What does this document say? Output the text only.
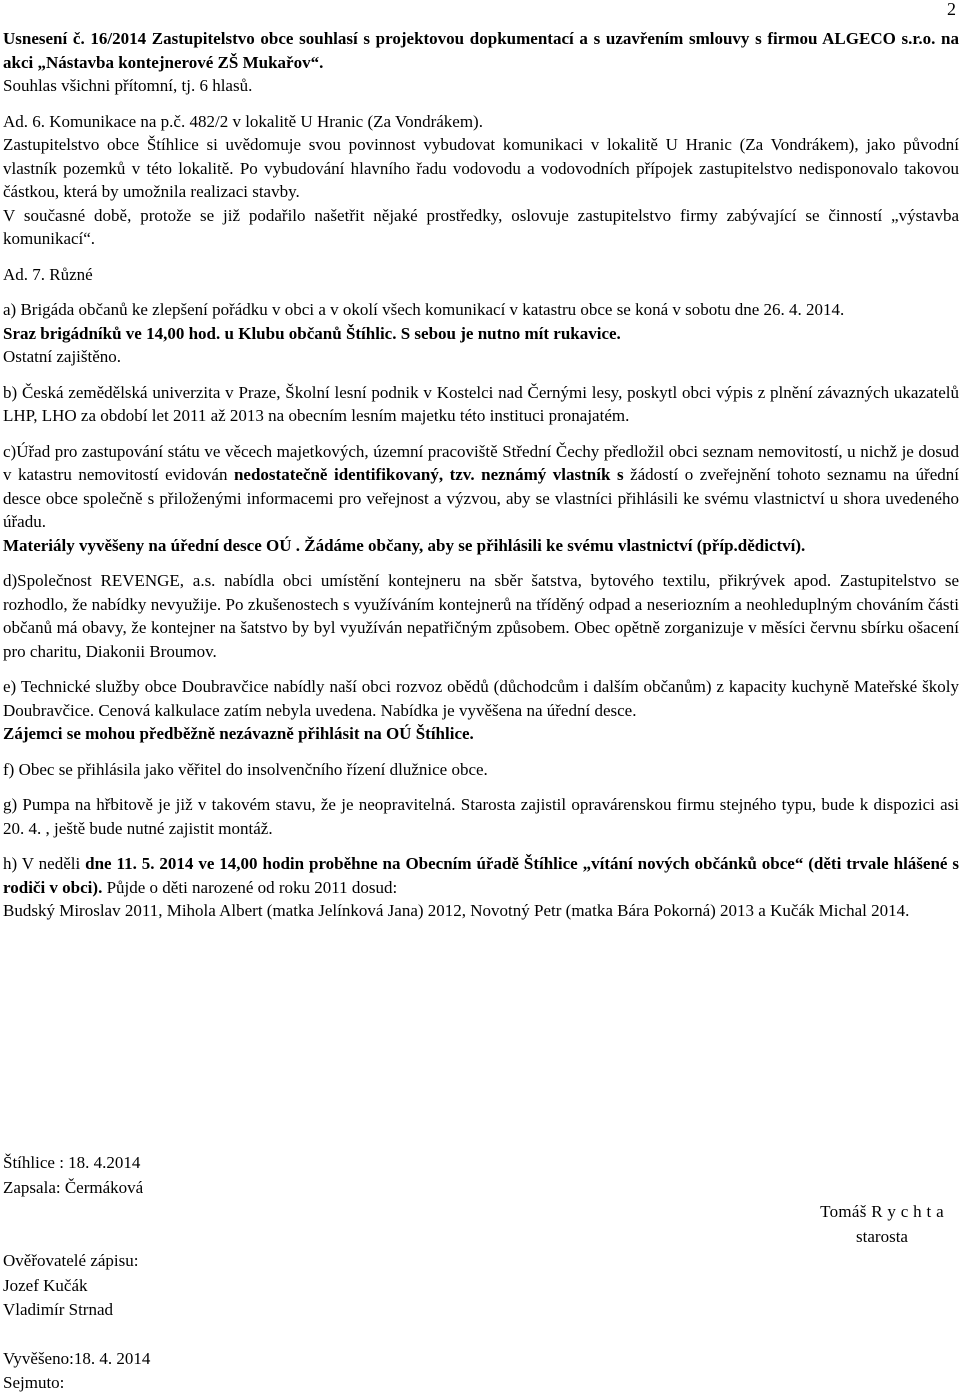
2

Usnesení č. 16/2014 Zastupitelstvo obce souhlasí s projektovou dopkumentací a s uzavřením smlouvy s firmou ALGECO s.r.o. na akci „Nástavba kontejnerové ZŠ Mukařov“.

Souhlas všichni přítomní, tj. 6 hlasů.

Ad. 6. Komunikace na p.č. 482/2 v lokalitě U Hranic (Za Vondrákem).

Zastupitelstvo obce Štíhlice si uvědomuje svou povinnost vybudovat komunikaci v lokalitě U Hranic (Za Vondrákem), jako původní vlastník pozemků v této lokalitě. Po vybudování hlavního řadu vodovodu a vodovodních přípojek zastupitelstvo nedisponovalo takovou částkou, která by umožnila realizaci stavby.

V současné době, protože se již podařilo našetřit nějaké prostředky, oslovuje zastupitelstvo firmy zabývající se činností „výstavba komunikací“.

Ad. 7. Různé

a) Brigáda občanů ke zlepšení pořádku v obci a v okolí všech komunikací v katastru obce se koná v sobotu dne 26. 4. 2014.

Sraz brigádníků ve 14,00 hod. u Klubu občanů Štíhlic. S sebou je nutno mít rukavice.

Ostatní zajištěno.

b) Česká zemědělská univerzita v Praze, Školní lesní podnik v Kostelci nad Černými lesy, poskytl obci výpis z plnění závazných ukazatelů LHP, LHO za období let 2011 až 2013 na obecním lesním majetku této instituci pronajatém.

c)Úřad pro zastupování státu ve věcech majetkových, územní pracoviště Střední Čechy předložil obci seznam nemovitostí, u nichž je dosud v katastru nemovitostí evidován nedostatečně identifikovaný, tzv. neznámý vlastník s žádostí o zveřejnění tohoto seznamu na úřední desce obce společně s přiloženými informacemi pro veřejnost a výzvou, aby se vlastníci přihlásili ke svému vlastnictví u shora uvedeného úřadu.

Materiály vyvěšeny na úřední desce OÚ . Žádáme občany, aby se přihlásili ke svému vlastnictví (příp.dědictví).

d)Společnost REVENGE, a.s. nabídla obci umístění kontejneru na sběr šatstva, bytového textilu, přikrývek apod. Zastupitelstvo se rozhodlo, že nabídky nevyužije. Po zkušenostech s využíváním kontejnerů na tříděný odpad a neseriozním a neohleduplným chováním části občanů má obavy, že kontejner na šatstvo by byl využíván nepatřičným způsobem. Obec opětně zorganizuje v měsíci červnu sbírku ošacení pro charitu, Diakonii Broumov.

e) Technické služby obce Doubravčice nabídly naší obci rozvoz obědů (důchodcům i dalším občanům) z kapacity kuchyně Mateřské školy Doubravčice. Cenová kalkulace zatím nebyla uvedena. Nabídka je vyvěšena na úřední desce.

Zájemci se mohou předběžně nezávazně přihlásit na OÚ Štíhlice.

f) Obec se přihlásila jako věřitel do insolvenčního řízení dlužnice obce.

g) Pumpa na hřbitově je již v takovém stavu, že je neopravitelná. Starosta zajistil opravárenskou firmu stejného typu, bude k dispozici asi 20. 4. , ještě bude nutné zajistit montáž.

h) V neděli dne 11. 5. 2014 ve 14,00 hodin proběhne na Obecním úřadě Štíhlice „vítání nových občánků obce“ (děti trvale hlášené s rodiči v obci). Půjde o děti narozené od roku 2011 dosud:

Budský Miroslav 2011, Mihola Albert (matka Jelínková Jana) 2012, Novotný Petr (matka Bára Pokorná) 2013 a Kučák Michal 2014.

Štíhlice : 18. 4.2014
Zapsala: Čermáková
Ověřovatelé zápisu:
Jozef Kučák
Vladimír Strnad
Vyvěšeno:18. 4. 2014
Sejmuto:
Tomáš R y c h t a
starosta
